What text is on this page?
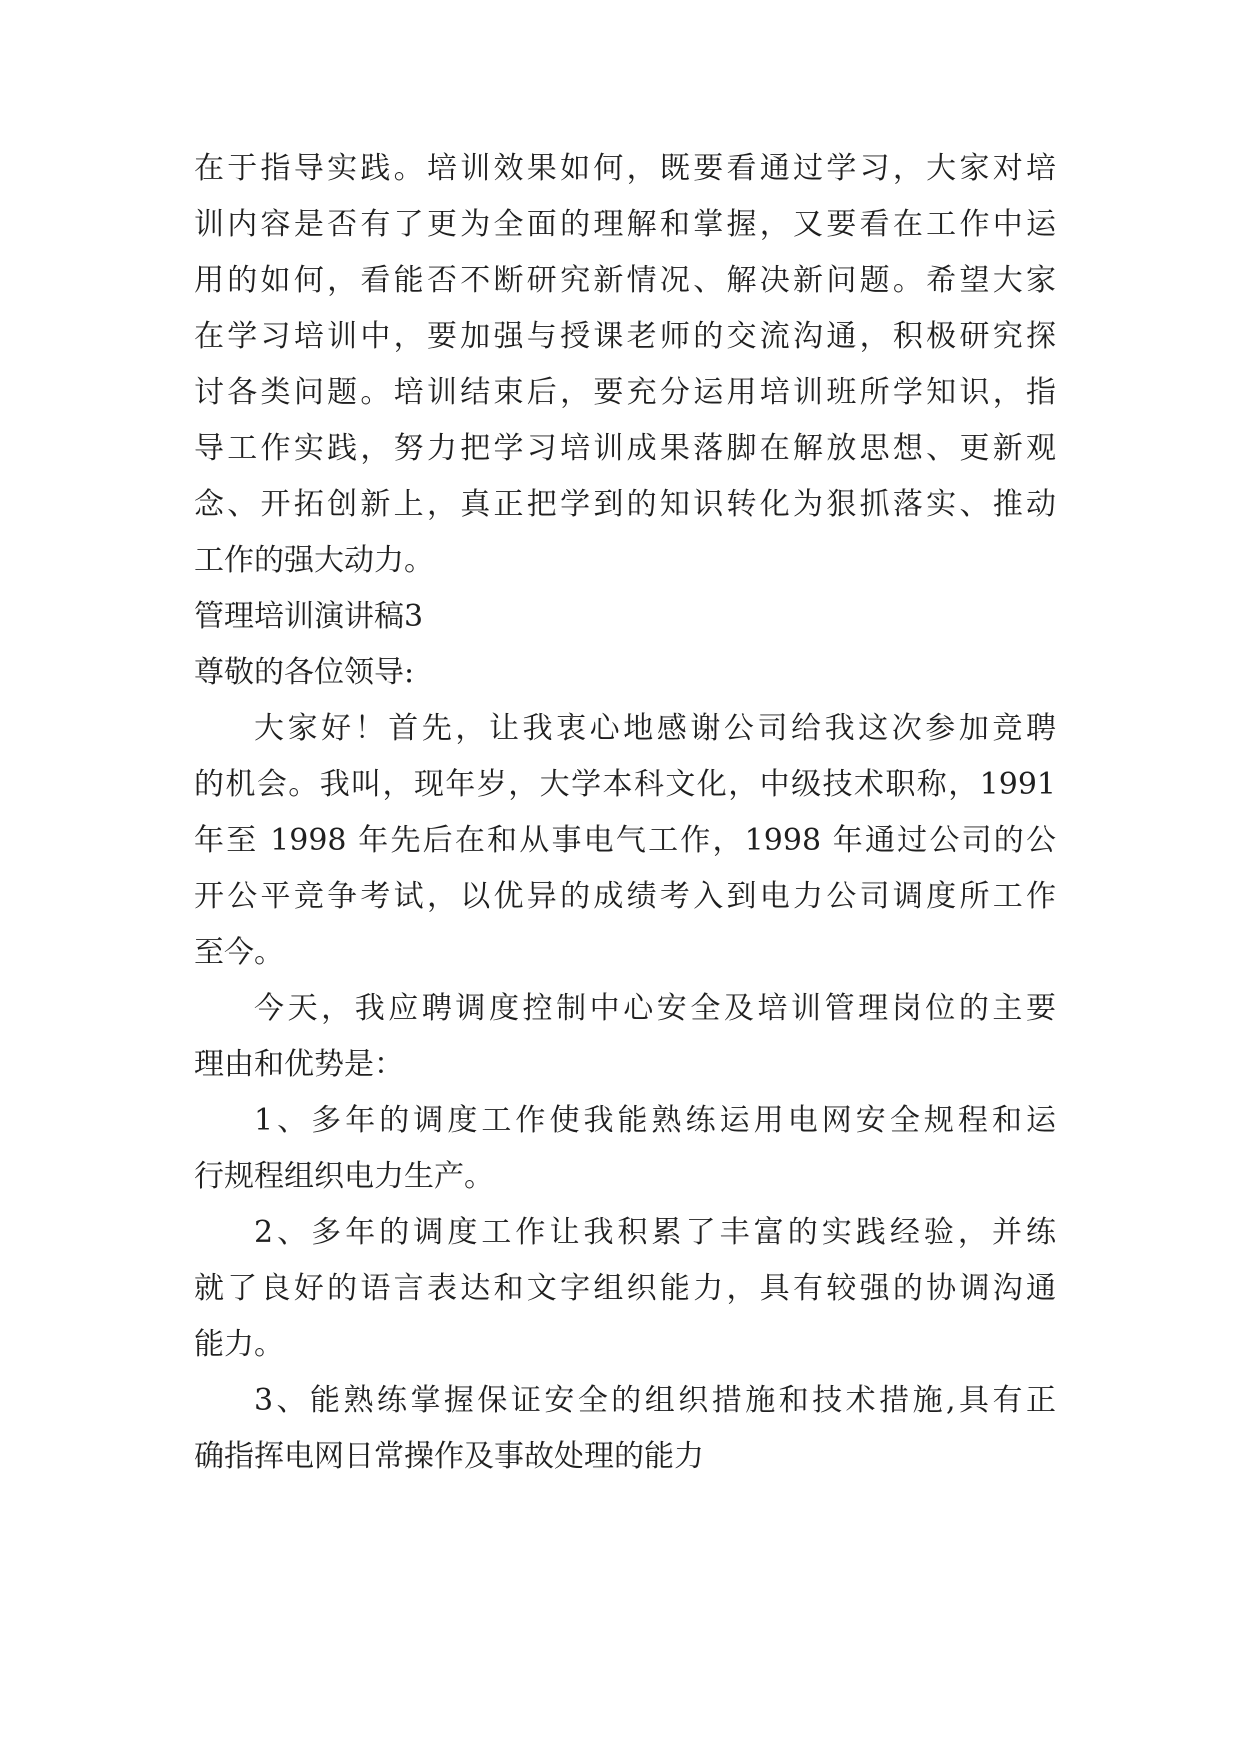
在于指导实践。培训效果如何，既要看通过学习，大家对培
训内容是否有了更为全面的理解和掌握，又要看在工作中运
用的如何，看能否不断研究新情况、解决新问题。希望大家
在学习培训中，要加强与授课老师的交流沟通，积极研究探
讨各类问题。培训结束后，要充分运用培训班所学知识，指
导工作实践，努力把学习培训成果落脚在解放思想、更新观
念、开拓创新上，真正把学到的知识转化为狠抓落实、推动
工作的强大动力。
管理培训演讲稿3
尊敬的各位领导:
大家好！首先，让我衷心地感谢公司给我这次参加竞聘
的机会。我叫，现年岁，大学本科文化，中级技术职称，1991
年至 1998 年先后在和从事电气工作，1998 年通过公司的公
开公平竞争考试，以优异的成绩考入到电力公司调度所工作
至今。
今天，我应聘调度控制中心安全及培训管理岗位的主要
理由和优势是：
1、多年的调度工作使我能熟练运用电网安全规程和运
行规程组织电力生产。
2、多年的调度工作让我积累了丰富的实践经验，并练
就了良好的语言表达和文字组织能力，具有较强的协调沟通
能力。
3、能熟练掌握保证安全的组织措施和技术措施,具有正
确指挥电网日常操作及事故处理的能力
